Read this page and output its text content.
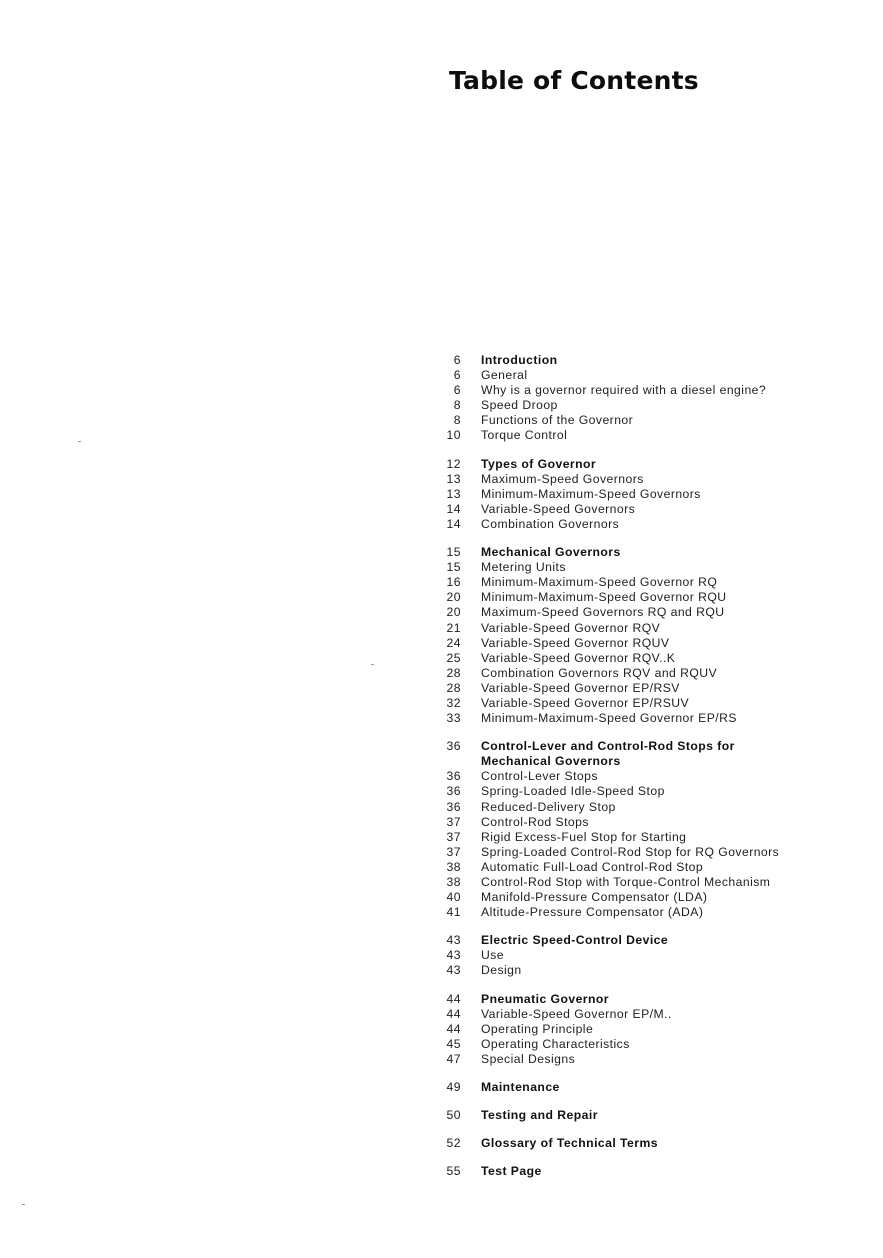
Table of Contents
6	Introduction
6	General
6	Why is a governor required with a diesel engine?
8	Speed Droop
8	Functions of the Governor
10	Torque Control
12	Types of Governor
13	Maximum-Speed Governors
13	Minimum-Maximum-Speed Governors
14	Variable-Speed Governors
14	Combination Governors
15	Mechanical Governors
15	Metering Units
16	Minimum-Maximum-Speed Governor RQ
20	Minimum-Maximum-Speed Governor RQU
20	Maximum-Speed Governors RQ and RQU
21	Variable-Speed Governor RQV
24	Variable-Speed Governor RQUV
25	Variable-Speed Governor RQV..K
28	Combination Governors RQV and RQUV
28	Variable-Speed Governor EP/RSV
32	Variable-Speed Governor EP/RSUV
33	Minimum-Maximum-Speed Governor EP/RS
36	Control-Lever and Control-Rod Stops for
Mechanical Governors
36	Control-Lever Stops
36	Spring-Loaded Idle-Speed Stop
36	Reduced-Delivery Stop
37	Control-Rod Stops
37	Rigid Excess-Fuel Stop for Starting
37	Spring-Loaded Control-Rod Stop for RQ Governors
38	Automatic Full-Load Control-Rod Stop
38	Control-Rod Stop with Torque-Control Mechanism
40	Manifold-Pressure Compensator (LDA)
41	Altitude-Pressure Compensator (ADA)
43	Electric Speed-Control Device
43	Use
43	Design
44	Pneumatic Governor
44	Variable-Speed Governor EP/M..
44	Operating Principle
45	Operating Characteristics
47	Special Designs
49	Maintenance
50	Testing and Repair
52	Glossary of Technical Terms
55	Test Page
